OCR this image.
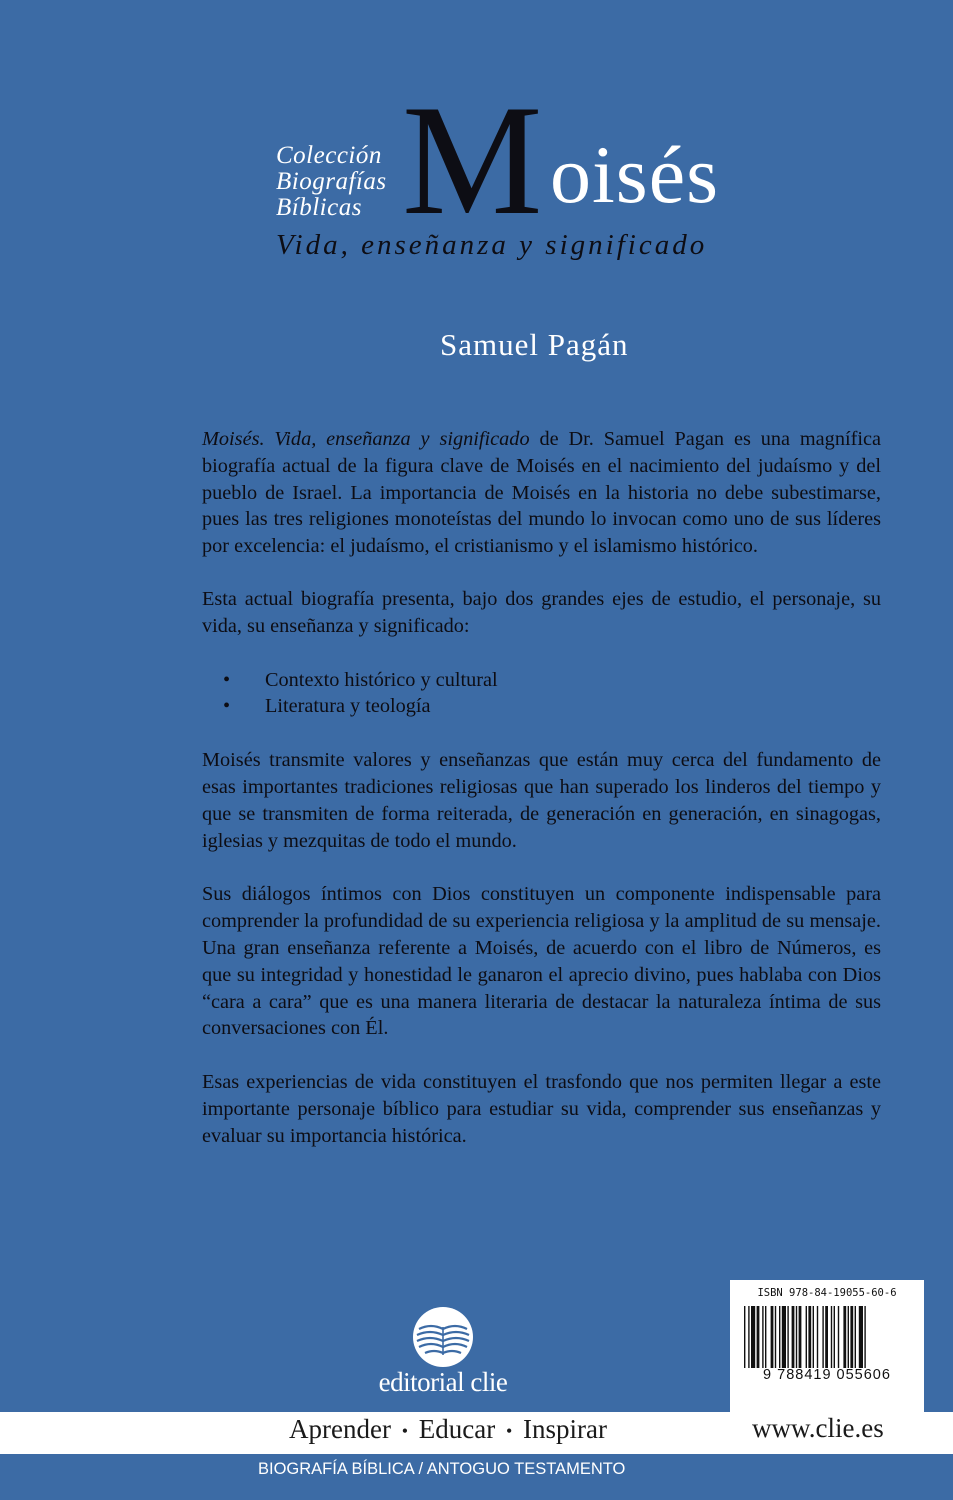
Colección
Biografías
Bíblicas M oisés
Vida, enseñanza y significado
Samuel Pagán

Moisés. Vida, enseñanza y significado de Dr. Samuel Pagan es una magnífica biografía actual de la figura clave de Moisés en el nacimiento del judaísmo y del pueblo de Israel. La importancia de Moisés en la historia no debe subestimarse, pues las tres religiones monoteístas del mundo lo invocan como uno de sus líderes por excelencia: el judaísmo, el cristianismo y el islamismo histórico.

Esta actual biografía presenta, bajo dos grandes ejes de estudio, el personaje, su vida, su enseñanza y significado:

• Contexto histórico y cultural
• Literatura y teología

Moisés transmite valores y enseñanzas que están muy cerca del fundamento de esas importantes tradiciones religiosas que han superado los linderos del tiempo y que se transmiten de forma reiterada, de generación en generación, en sinagogas, iglesias y mezquitas de todo el mundo.

Sus diálogos íntimos con Dios constituyen un componente indispensable para comprender la profundidad de su experiencia religiosa y la amplitud de su mensaje. Una gran enseñanza referente a Moisés, de acuerdo con el libro de Números, es que su integridad y honestidad le ganaron el aprecio divino, pues hablaba con Dios “cara a cara” que es una manera literaria de destacar la naturaleza íntima de sus conversaciones con Él.

Esas experiencias de vida constituyen el trasfondo que nos permiten llegar a este importante personaje bíblico para estudiar su vida, comprender sus enseñanzas y evaluar su importancia histórica.

editorial clie
ISBN 978-84-19055-60-6
9 788419 055606
Aprender • Educar • Inspirar	www.clie.es
BIOGRAFÍA BÍBLICA / ANTOGUO TESTAMENTO
